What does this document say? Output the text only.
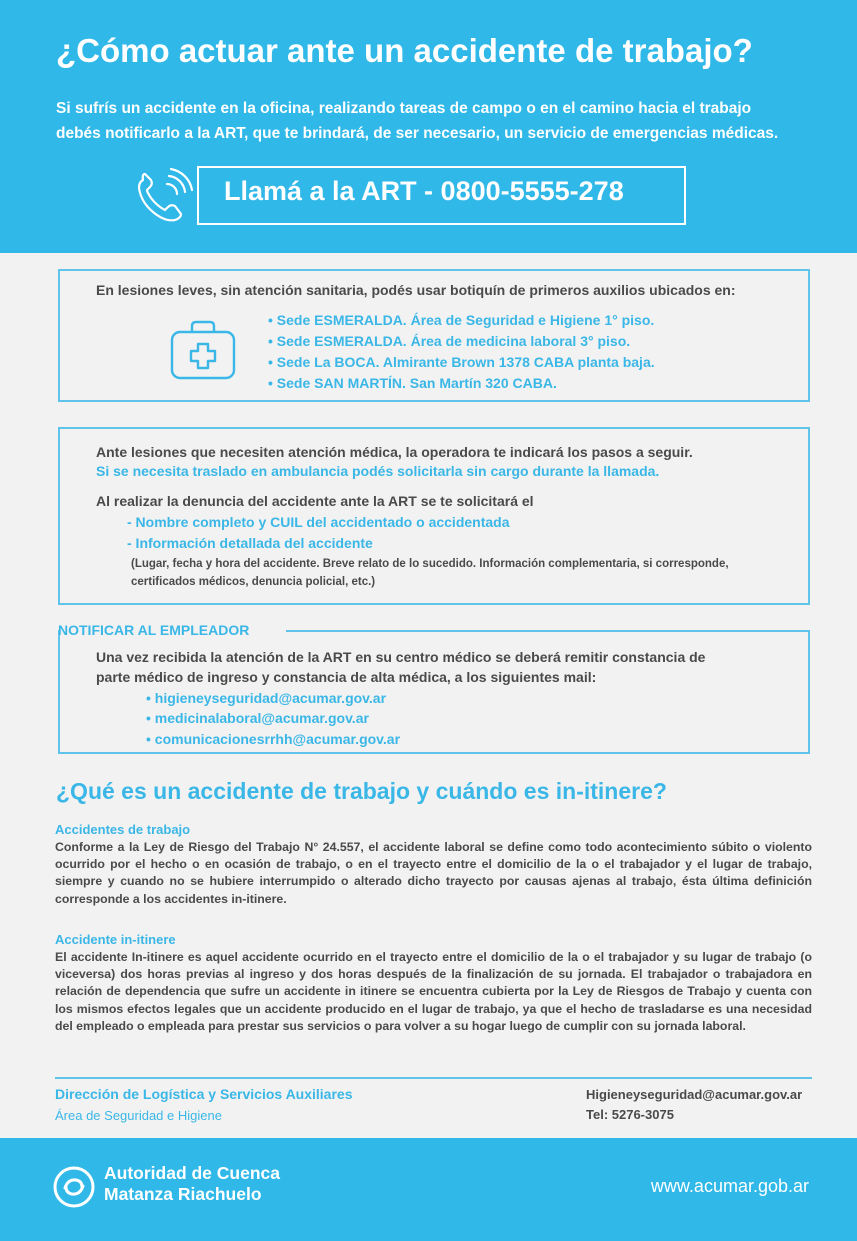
¿Cómo actuar ante un accidente de trabajo?
Si sufrís un accidente en la oficina, realizando tareas de campo o en el camino hacia el trabajo
debés notificarlo a la ART, que te brindará, de ser necesario, un servicio de emergencias médicas.
Llamá a la ART - 0800-5555-278
En lesiones leves, sin atención sanitaria, podés usar botiquín de primeros auxilios ubicados en:
• Sede ESMERALDA. Área de Seguridad e Higiene 1° piso.
• Sede ESMERALDA. Área de medicina laboral 3° piso.
• Sede La BOCA. Almirante Brown 1378 CABA planta baja.
• Sede SAN MARTÍN. San Martín 320 CABA.
Ante lesiones que necesiten atención médica, la operadora te indicará los pasos a seguir.
Si se necesita traslado en ambulancia podés solicitarla sin cargo durante la llamada.
Al realizar la denuncia del accidente ante la ART se te solicitará el
- Nombre completo y CUIL del accidentado o accidentada
- Información detallada del accidente
(Lugar, fecha y hora del accidente. Breve relato de lo sucedido. Información complementaria, si corresponde,
certificados médicos, denuncia policial, etc.)
NOTIFICAR AL EMPLEADOR
Una vez recibida la atención de la ART en su centro médico se deberá remitir constancia de
parte médico de ingreso y constancia de alta médica, a los siguientes mail:
• higieneyseguridad@acumar.gov.ar
• medicinalaboral@acumar.gov.ar
• comunicacionesrrhh@acumar.gov.ar
¿Qué es un accidente de trabajo y cuándo es in-itinere?
Accidentes de trabajo
Conforme a la Ley de Riesgo del Trabajo N° 24.557, el accidente laboral se define como todo acontecimiento súbito o violento ocurrido por el hecho o en ocasión de trabajo, o en el trayecto entre el domicilio de la o el trabajador y el lugar de trabajo, siempre y cuando no se hubiere interrumpido o alterado dicho trayecto por causas ajenas al trabajo, ésta última definición corresponde a los accidentes in-itinere.
Accidente in-itinere
El accidente In-itinere es aquel accidente ocurrido en el trayecto entre el domicilio de la o el trabajador y su lugar de trabajo (o viceversa) dos horas previas al ingreso y dos horas después de la finalización de su jornada. El trabajador o trabajadora en relación de dependencia que sufre un accidente in itinere se encuentra cubierta por la Ley de Riesgos de Trabajo y cuenta con los mismos efectos legales que un accidente producido en el lugar de trabajo, ya que el hecho de trasladarse es una necesidad del empleado o empleada para prestar sus servicios o para volver a su hogar luego de cumplir con su jornada laboral.
Dirección de Logística y Servicios Auxiliares
Área de Seguridad e Higiene
Higieneyseguridad@acumar.gov.ar
Tel: 5276-3075
Autoridad de Cuenca
Matanza Riachuelo	www.acumar.gob.ar
